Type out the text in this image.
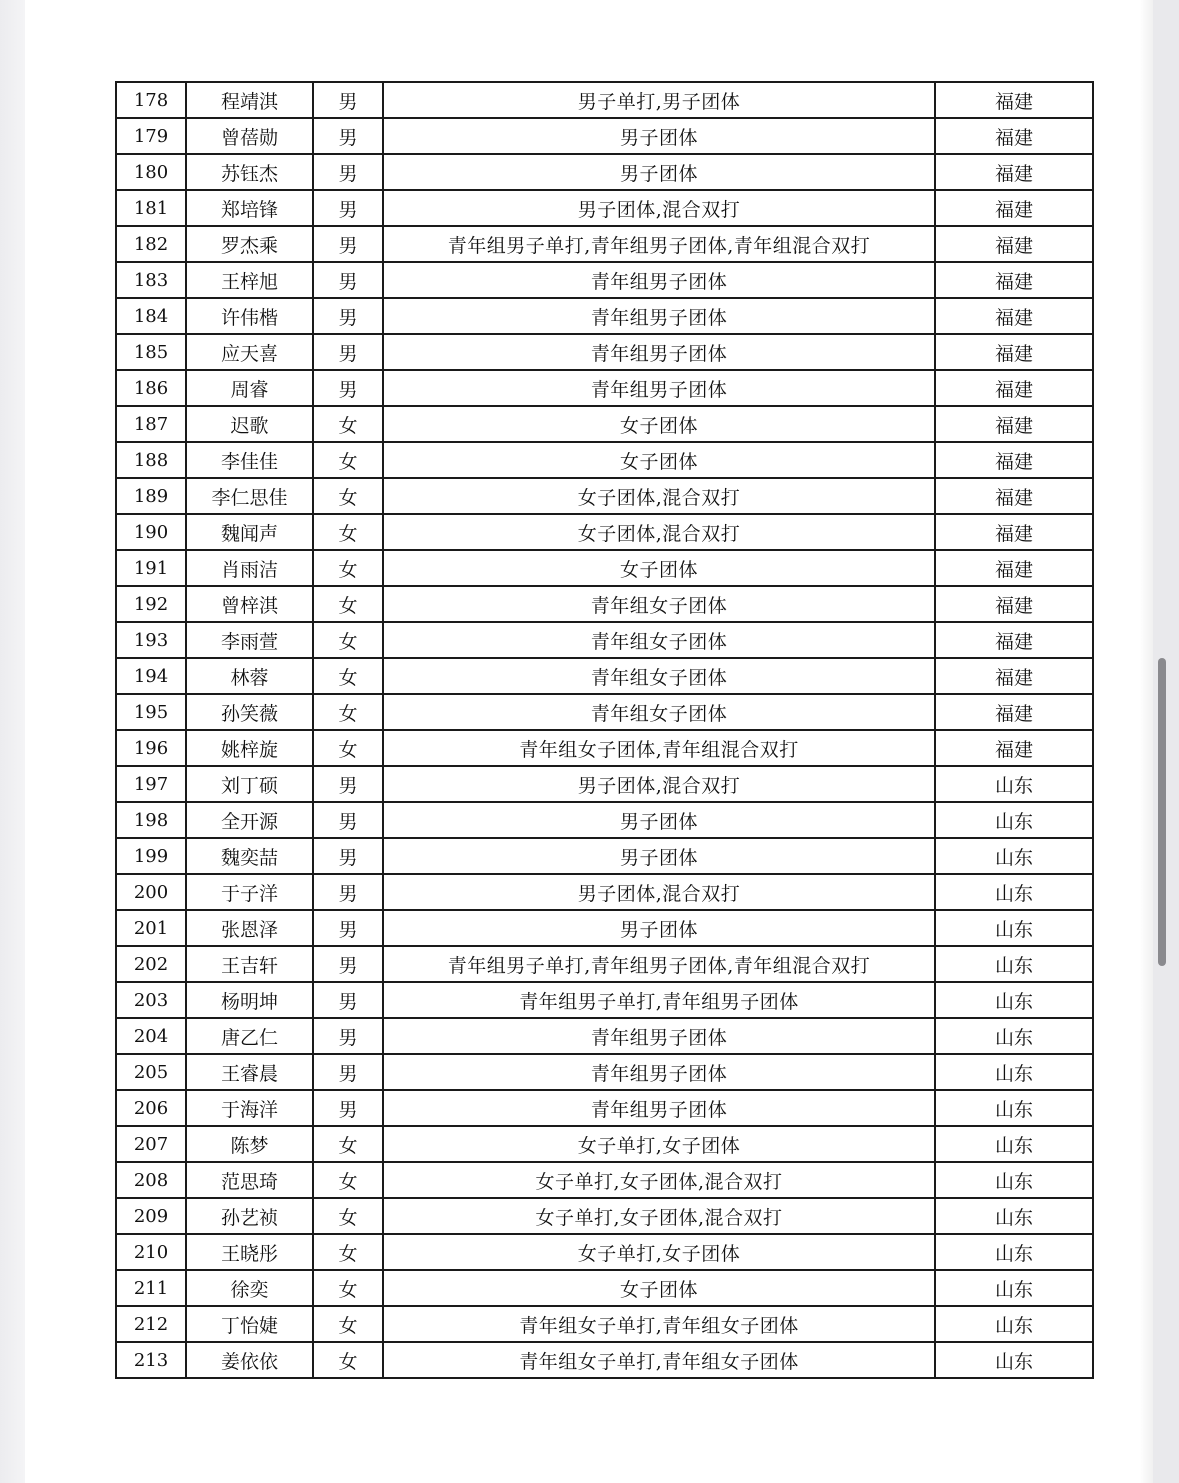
178	程靖淇	男	男子单打,男子团体	福建
179	曾蓓勋	男	男子团体	福建
180	苏钰杰	男	男子团体	福建
181	郑培锋	男	男子团体,混合双打	福建
182	罗杰乘	男	青年组男子单打,青年组男子团体,青年组混合双打	福建
183	王梓旭	男	青年组男子团体	福建
184	许伟楷	男	青年组男子团体	福建
185	应天喜	男	青年组男子团体	福建
186	周睿	男	青年组男子团体	福建
187	迟歌	女	女子团体	福建
188	李佳佳	女	女子团体	福建
189	李仁思佳	女	女子团体,混合双打	福建
190	魏闻声	女	女子团体,混合双打	福建
191	肖雨洁	女	女子团体	福建
192	曾梓淇	女	青年组女子团体	福建
193	李雨萱	女	青年组女子团体	福建
194	林蓉	女	青年组女子团体	福建
195	孙笑薇	女	青年组女子团体	福建
196	姚梓旋	女	青年组女子团体,青年组混合双打	福建
197	刘丁硕	男	男子团体,混合双打	山东
198	全开源	男	男子团体	山东
199	魏奕喆	男	男子团体	山东
200	于子洋	男	男子团体,混合双打	山东
201	张恩泽	男	男子团体	山东
202	王吉轩	男	青年组男子单打,青年组男子团体,青年组混合双打	山东
203	杨明坤	男	青年组男子单打,青年组男子团体	山东
204	唐乙仁	男	青年组男子团体	山东
205	王睿晨	男	青年组男子团体	山东
206	于海洋	男	青年组男子团体	山东
207	陈梦	女	女子单打,女子团体	山东
208	范思琦	女	女子单打,女子团体,混合双打	山东
209	孙艺祯	女	女子单打,女子团体,混合双打	山东
210	王晓彤	女	女子单打,女子团体	山东
211	徐奕	女	女子团体	山东
212	丁怡婕	女	青年组女子单打,青年组女子团体	山东
213	姜依依	女	青年组女子单打,青年组女子团体	山东
